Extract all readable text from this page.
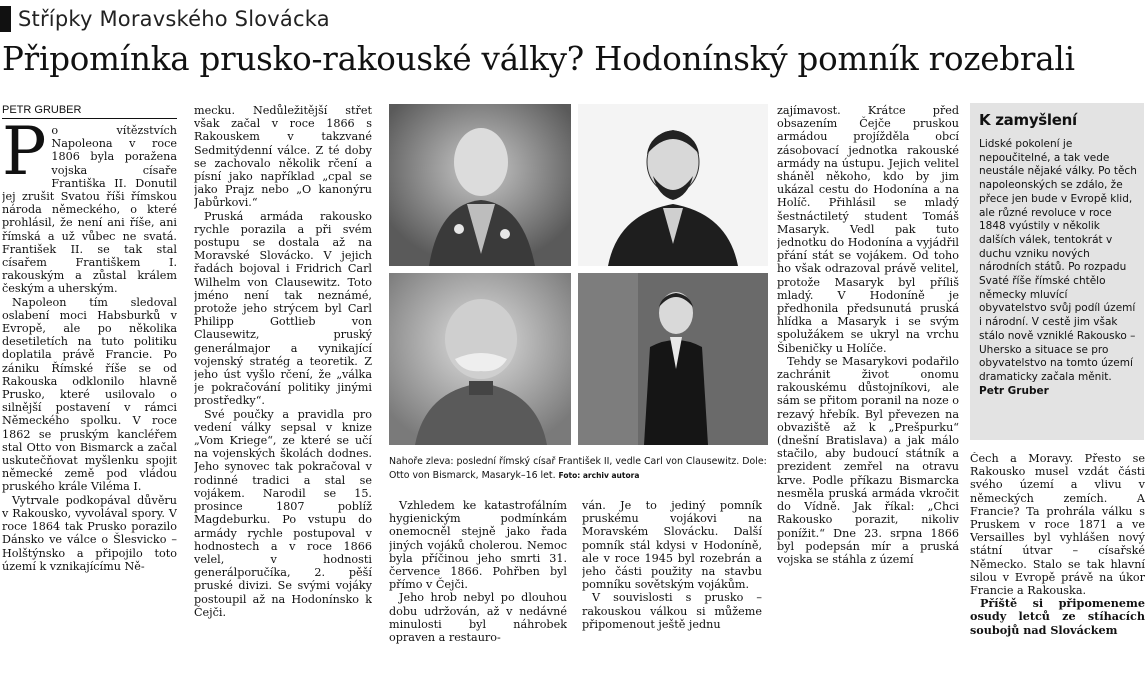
Střípky Moravského Slovácka
Připomínka prusko-rakouské války? Hodonínský pomník rozebrali
PETR GRUBER

Po vítězstvích Napoleona v roce 1806 byla poražena vojska císaře Františka II. Donutil jej zrušit Svatou říši římskou národa německého, o které prohlásil, že není ani říše, ani římská a už vůbec ne svatá. František II. se tak stal císařem Františkem I. rakouským a zůstal králem českým a uherským.

Napoleon tím sledoval oslabení moci Habsburků v Evropě, ale po několika desetiletích na tuto politiku doplatila právě Francie. Po zániku Římské říše se od Rakouska odklonilo hlavně Prusko, které usilovalo o silnější postavení v rámci Německého spolku. V roce 1862 se pruským kancléřem stal Otto von Bismarck a začal uskutečňovat myšlenku spojit německé země pod vládou pruského krále Viléma I.

Vytrvale podkopával důvěru v Rakousko, vyvolával spory. V roce 1864 tak Prusko porazilo Dánsko ve válce o Šlesvicko – Holštýnsko a připojilo toto území k vznikajícímu Ně-

mecku. Nedůležitější střet však začal v roce 1866 s Rakouskem v takzvané Sedmitýdenní válce. Z té doby se zachovalo několik rčení a písní jako například „cpal se jako Prajz nebo „O kanonýru Jabůrkovi.“

Pruská armáda rakousko rychle porazila a při svém postupu se dostala až na Moravské Slovácko. V jejich řadách bojoval i Fridrich Carl Wilhelm von Clausewitz. Toto jméno není tak neznámé, protože jeho strýcem byl Carl Philipp Gottlieb von Clausewitz, pruský generálmajor a vynikající vojenský stratég a teoretik. Z jeho úst vyšlo rčení, že „válka je pokračování politiky jinými prostředky“.

Své poučky a pravidla pro vedení války sepsal v knize „Vom Kriege“, ze které se učí na vojenských školách dodnes. Jeho synovec tak pokračoval v rodinné tradici a stal se vojákem. Narodil se 15. prosince 1807 poblíž Magdeburku. Po vstupu do armády rychle postupoval v hodnostech a v roce 1866 velel, v hodnosti generálporučíka, 2. pěší pruské divizi. Se svými vojáky postoupil až na Hodonínsko k Čejči.

Nahoře zleva: poslední římský císař František II, vedle Carl von Clausewitz. Dole: Otto von Bismarck, Masaryk–16 let. Foto: archiv autora

Vzhledem ke katastrofálním hygienickým podmínkám onemocněl stejně jako řada jiných vojáků cholerou. Nemoc byla příčinou jeho smrti 31. července 1866. Pohřben byl přímo v Čejči.

Jeho hrob nebyl po dlouhou dobu udržován, až v nedávné minulosti byl náhrobek opraven a restauro-

ván. Je to jediný pomník pruskému vojákovi na Moravském Slovácku. Další pomník stál kdysi v Hodoníně, ale v roce 1945 byl rozebrán a jeho části použity na stavbu pomníku sovětským vojákům.

V souvislosti s prusko – rakouskou válkou si můžeme připomenout ještě jednu

zajímavost. Krátce před obsazením Čejče pruskou armádou projížděla obcí zásobovací jednotka rakouské armády na ústupu. Jejich velitel sháněl někoho, kdo by jim ukázal cestu do Hodonína a na Holíč. Přihlásil se mladý šestnáctiletý student Tomáš Masaryk. Vedl pak tuto jednotku do Hodonína a vyjádřil přání stát se vojákem. Od toho ho však odrazoval právě velitel, protože Masaryk byl příliš mladý. V Hodoníně je předhonila předsunutá pruská hlídka a Masaryk i se svým spolužákem se ukryl na vrchu Šibeničky u Holíče.

Tehdy se Masarykovi podařilo zachránit život onomu rakouskému důstojníkovi, ale sám se přitom poranil na noze o rezavý hřebík. Byl převezen na obvaziště až k „Prešpurku“ (dnešní Bratislava) a jak málo stačilo, aby budoucí státník a prezident zemřel na otravu krve. Podle příkazu Bismarcka nesměla pruská armáda vkročit do Vídně. Jak říkal: „Chci Rakousko porazit, nikoliv ponížit.“ Dne 23. srpna 1866 byl podepsán mír a pruská vojska se stáhla z území

K zamyšlení
Lidské pokolení je nepoučitelné, a tak vede neustále nějaké války. Po těch napoleonských se zdálo, že přece jen bude v Evropě klid, ale různé revoluce v roce 1848 vyústily v několik dalších válek, tentokrát v duchu vzniku nových národních států. Po rozpadu Svaté říše římské chtělo německy mluvící obyvatelstvo svůj podíl území i národní. V cestě jim však stálo nově vzniklé Rakousko – Uhersko a situace se pro obyvatelstvo na tomto území dramaticky začala měnit. Petr Gruber

Čech a Moravy. Přesto se Rakousko musel vzdát části svého území a vlivu v německých zemích. A Francie? Ta prohrála válku s Pruskem v roce 1871 a ve Versailles byl vyhlášen nový státní útvar – císařské Německo. Stalo se tak hlavní silou v Evropě právě na úkor Francie a Rakouska.

Příště si připomeneme osudy letců ze stíhacích soubojů nad Slováckem
